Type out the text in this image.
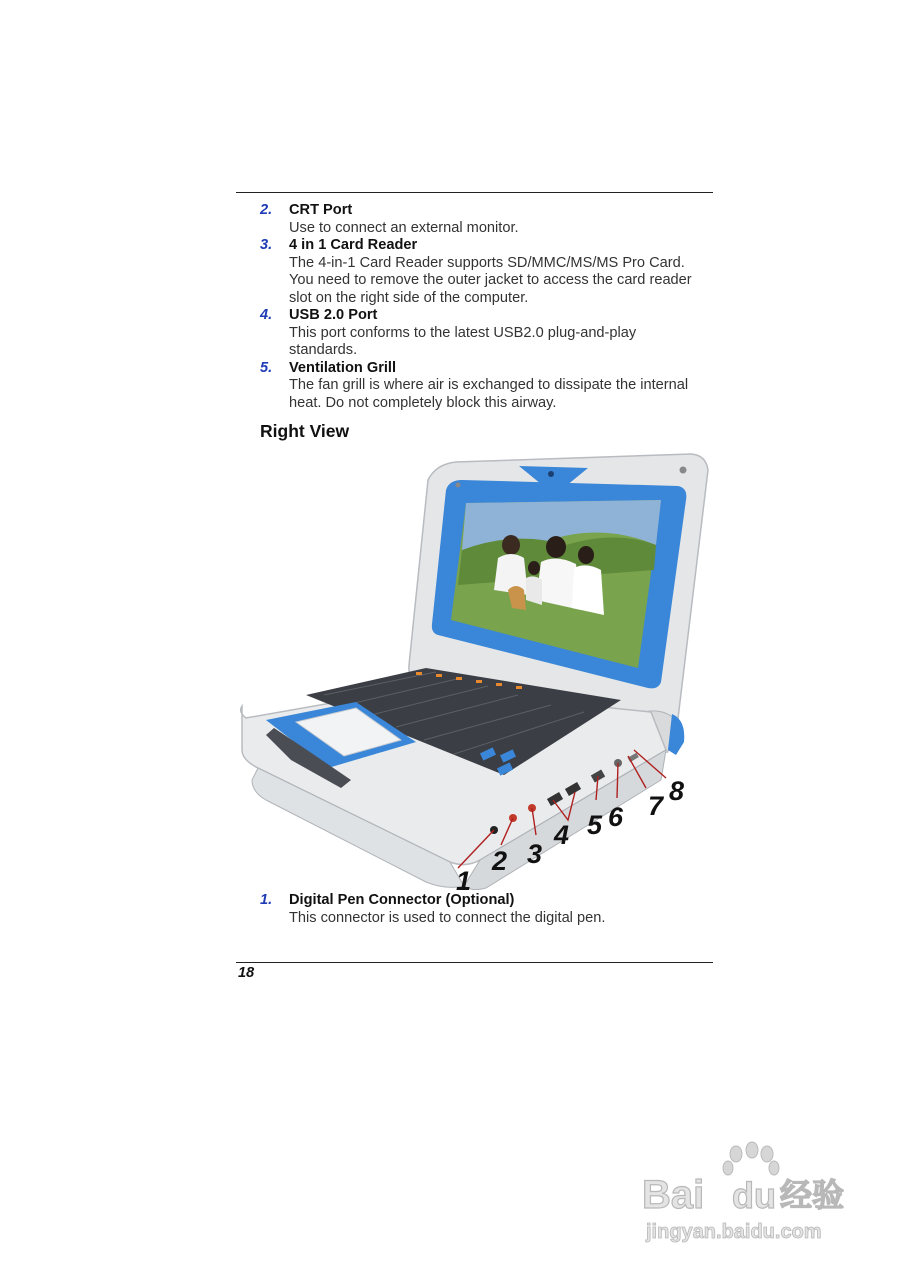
2. CRT Port
Use to connect an external monitor.
3. 4 in 1 Card Reader
The 4-in-1 Card Reader supports SD/MMC/MS/MS Pro Card.
You need to remove the outer jacket to access the card reader
slot on the right side of the computer.
4. USB 2.0 Port
This port conforms to the latest USB2.0 plug-and-play
standards.
5. Ventilation Grill
The fan grill is where air is exchanged to dissipate the internal
heat. Do not completely block this airway.
Right View
1
2 3
4 5 6 7 8
1. Digital Pen Connector (Optional)
This connector is used to connect the digital pen.
18
Bai du 经验
jingyan.baidu.com
